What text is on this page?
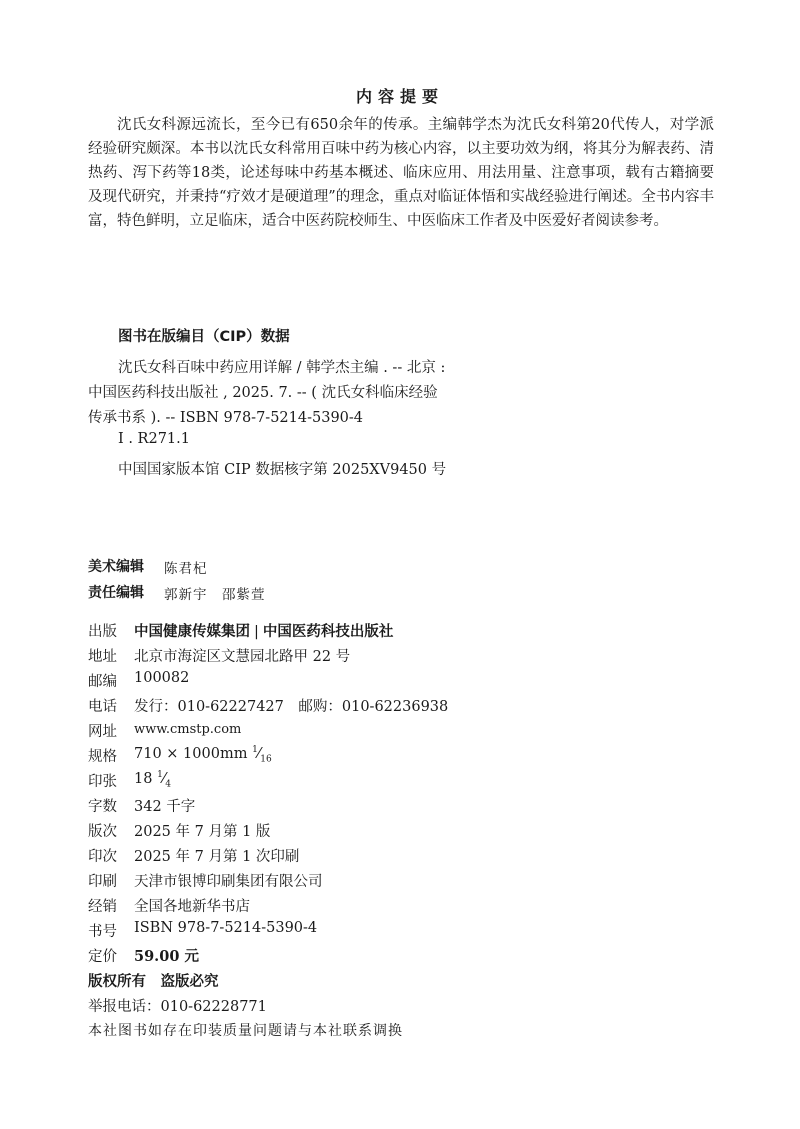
内容提要

沈氏女科源远流长，至今已有650余年的传承。主编韩学杰为沈氏女科第20代传人，对学派经验研究颇深。本书以沈氏女科常用百味中药为核心内容，以主要功效为纲，将其分为解表药、清热药、泻下药等18类，论述每味中药基本概述、临床应用、用法用量、注意事项，载有古籍摘要及现代研究，并秉持“疗效才是硬道理”的理念，重点对临证体悟和实战经验进行阐述。全书内容丰富，特色鲜明，立足临床，适合中医药院校师生、中医临床工作者及中医爱好者阅读参考。

图书在版编目（CIP）数据
沈氏女科百味中药应用详解 / 韩学杰主编 . -- 北京 :
中国医药科技出版社 , 2025. 7. -- ( 沈氏女科临床经验
传承书系 ). -- ISBN 978-7-5214-5390-4
Ⅰ . R271.1
中国国家版本馆 CIP 数据核字第 2025XV9450 号
美术编辑 陈君杞
责任编辑 郭新宇　邵紫萱
出版 中国健康传媒集团 | 中国医药科技出版社
地址 北京市海淀区文慧园北路甲 22 号
邮编 100082
电话 发行：010-62227427　邮购：010-62236938
网址 www.cmstp.com
规格 710 × 1000mm $^1⁄_{16}$
印张 18 $^1⁄_4$
字数 342 千字
版次 2025 年 7 月第 1 版
印次 2025 年 7 月第 1 次印刷
印刷 天津市银博印刷集团有限公司
经销 全国各地新华书店
书号 ISBN 978-7-5214-5390-4
定价 59.00 元
版权所有　盗版必究
举报电话：010-62228771
本社图书如存在印装质量问题请与本社联系调换
